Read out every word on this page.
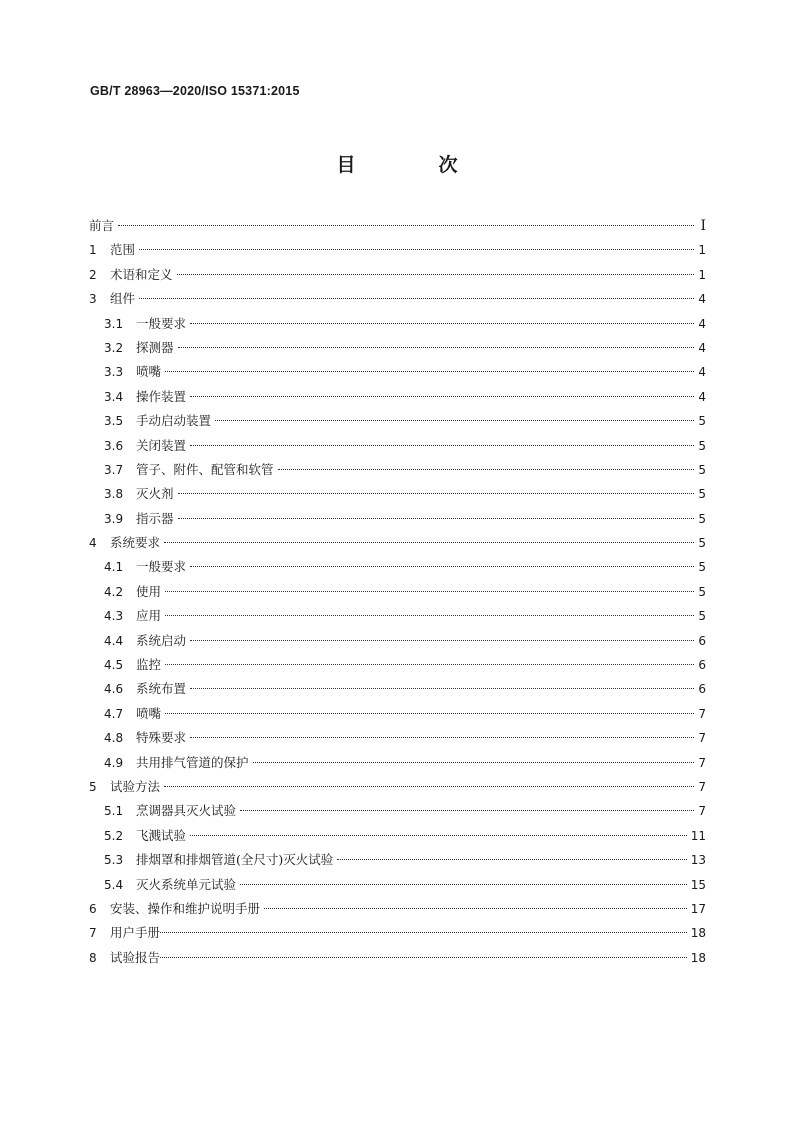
GB/T 28963—2020/ISO 15371:2015
目　次
前言	I
1	范围	1
2	术语和定义	1
3	组件	4
3.1	一般要求	4
3.2	探测器	4
3.3	喷嘴	4
3.4	操作装置	4
3.5	手动启动装置	5
3.6	关闭装置	5
3.7	管子、附件、配管和软管	5
3.8	灭火剂	5
3.9	指示器	5
4	系统要求	5
4.1	一般要求	5
4.2	使用	5
4.3	应用	5
4.4	系统启动	6
4.5	监控	6
4.6	系统布置	6
4.7	喷嘴	7
4.8	特殊要求	7
4.9	共用排气管道的保护	7
5	试验方法	7
5.1	烹调器具灭火试验	7
5.2	飞溅试验	11
5.3	排烟罩和排烟管道(全尺寸)灭火试验	13
5.4	灭火系统单元试验	15
6	安装、操作和维护说明手册	17
7	用户手册	18
8	试验报告	18
